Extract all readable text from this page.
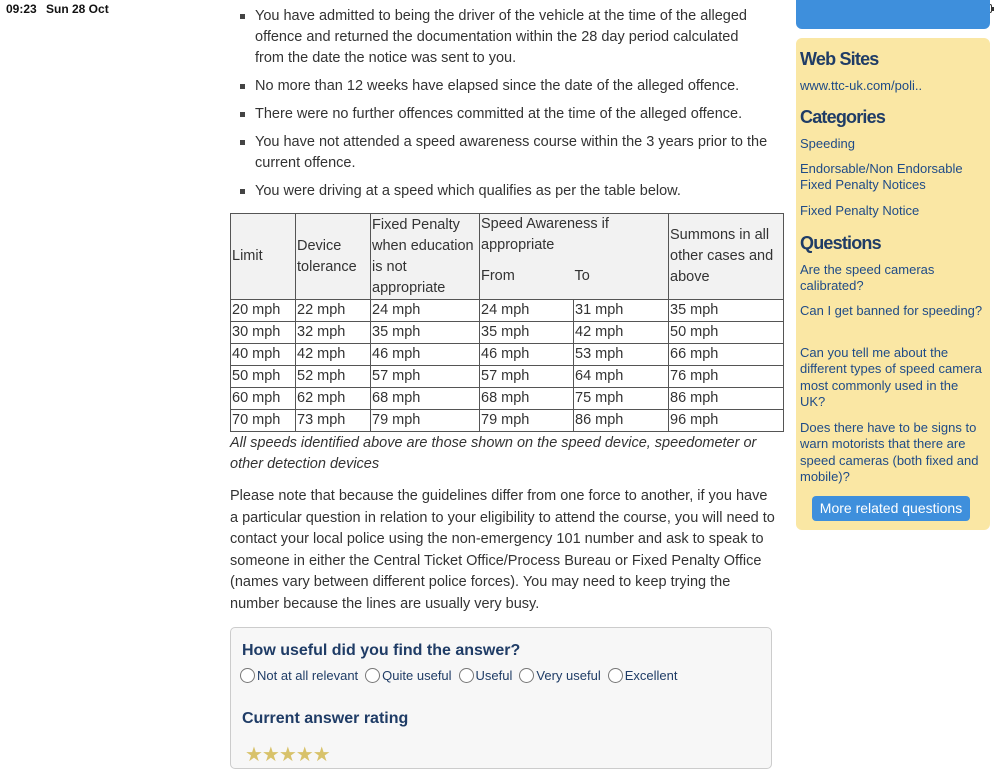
09:23 Sun 28 Oct	You have admitted to being the driver of the vehicle at the time of the alleged offence and returned the documentation within the 28 day period calculated from the date the notice was sent to you.
No more than 12 weeks have elapsed since the date of the alleged offence.
There were no further offences committed at the time of the alleged offence.
You have not attended a speed awareness course within the 3 years prior to the current offence.
You were driving at a speed which qualifies as per the table below.
Limit	Device tolerance	Fixed Penalty when education is not appropriate	Speed Awareness if appropriate		Summons in all other cases and above
			From	To	
20 mph	22 mph	24 mph	24 mph	31 mph	35 mph
30 mph	32 mph	35 mph	35 mph	42 mph	50 mph
40 mph	42 mph	46 mph	46 mph	53 mph	66 mph
50 mph	52 mph	57 mph	57 mph	64 mph	76 mph
60 mph	62 mph	68 mph	68 mph	75 mph	86 mph
70 mph	73 mph	79 mph	79 mph	86 mph	96 mph
All speeds identified above are those shown on the speed device, speedometer or other detection devices
Please note that because the guidelines differ from one force to another, if you have a particular question in relation to your eligibility to attend the course, you will need to contact your local police using the non-emergency 101 number and ask to speak to someone in either the Central Ticket Office/Process Bureau or Fixed Penalty Office (names vary between different police forces). You may need to keep trying the number because the lines are usually very busy.
How useful did you find the answer?
Not at all relevant Quite useful Useful Very useful Excellent
Current answer rating
★★★★★
Web Sites
www.ttc-uk.com/poli..
Categories
Speeding
Endorsable/Non Endorsable Fixed Penalty Notices
Fixed Penalty Notice
Questions
Are the speed cameras calibrated?
Can I get banned for speeding?
Can you tell me about the different types of speed camera most commonly used in the UK?
Does there have to be signs to warn motorists that there are speed cameras (both fixed and mobile)?
More related questions
